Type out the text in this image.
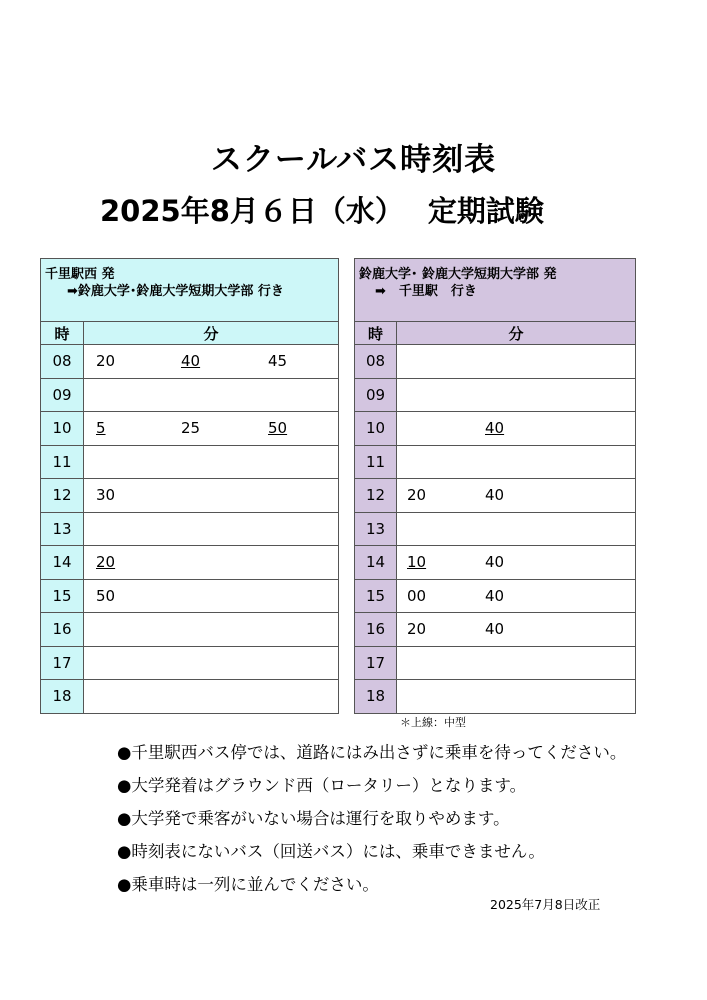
スクールバス時刻表
2025年8月６日（水） 定期試験
千里駅西 発
➡鈴鹿大学･鈴鹿大学短期大学部 行き	

時	分
08	20 40 45

09	

10	5 25 50

11	

12	30

13	

14	20

15	50

16	

17	

18	
鈴鹿大学･ 鈴鹿大学短期大学部 発
➡　千里駅　行き	

時	分
08	

09	

10	40

11	

12	20 40

13	

14	10 40

15	00 40

16	20 40

17	

18	
＊上線：中型
●千里駅西バス停では、道路にはみ出さずに乗車を待ってください。
●大学発着はグラウンド西（ロータリー）となります。
●大学発で乗客がいない場合は運行を取りやめます。
●時刻表にないバス（回送バス）には、乗車できません。
●乗車時は一列に並んでください。
2025年7月8日改正
